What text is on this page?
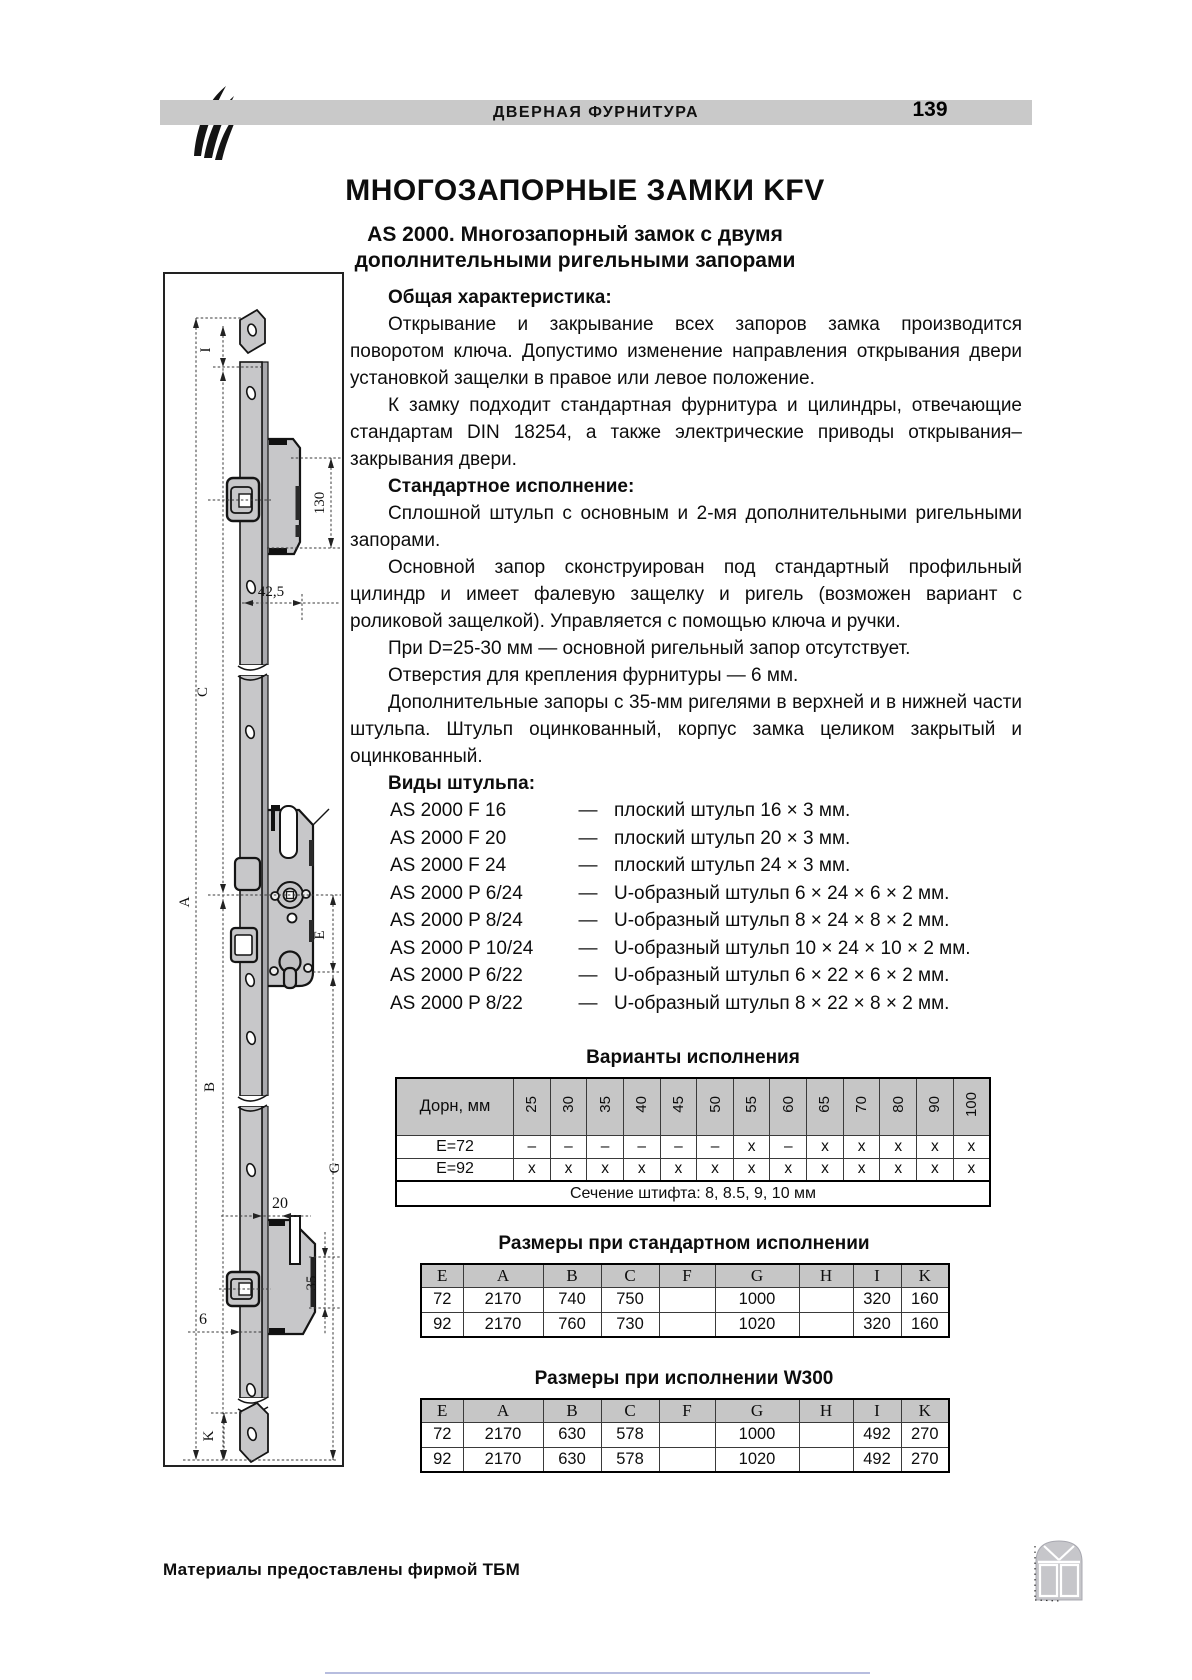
ДВЕРНАЯ ФУРНИТУРА	139
МНОГОЗАПОРНЫЕ ЗАМКИ KFV
AS 2000. Многозапорный замок с двумя
дополнительными ригельными запорами
A
I
C
B
130
42,5
E
G
20
35
6
K

Общая характеристика:

Открывание и закрывание всех запоров замка производится поворотом ключа. Допустимо изменение направления открывания двери установкой защелки в правое или левое положение.

К замку подходит стандартная фурнитура и цилиндры, отвечающие стандартам DIN 18254, а также электрические приводы открывания–закрывания двери.

Стандартное исполнение:

Сплошной штульп с основным и 2-мя дополнительными ригельными запорами.

Основной запор сконструирован под стандартный профильный цилиндр и имеет фалевую защелку и ригель (возможен вариант с роликовой защелкой). Управляется с помощью ключа и ручки.

При D=25-30 мм — основной ригельный запор отсутствует.

Отверстия для крепления фурнитуры — 6 мм.

Дополнительные запоры с 35-мм ригелями в верхней и в нижней части штульпа. Штульп оцинкованный, корпус замка целиком закрытый и оцинкованный.

Виды штульпа:

AS 2000 F 16	— плоский штульп 16 × 3 мм.
AS 2000 F 20	— плоский штульп 20 × 3 мм.
AS 2000 F 24	— плоский штульп 24 × 3 мм.
AS 2000 P 6/24	— U-образный штульп 6 × 24 × 6 × 2 мм.
AS 2000 P 8/24	— U-образный штульп 8 × 24 × 8 × 2 мм.
AS 2000 P 10/24	— U-образный штульп 10 × 24 × 10 × 2 мм.
AS 2000 P 6/22	— U-образный штульп 6 × 22 × 6 × 2 мм.
AS 2000 P 8/22	— U-образный штульп 8 × 22 × 8 × 2 мм.
Варианты исполнения
Дорн, мм	25	30	35	40	45	50	55	60	65	70	80	90	100
E=72	–	–	–	–	–	–	x	–	x	x	x	x	x
E=92	x	x	x	x	x	x	x	x	x	x	x	x	x
Сечение штифта: 8, 8.5, 9, 10 мм													
Размеры при стандартном исполнении
E	A	B	C	F	G	H	I	K
72	2170	740	750		1000		320	160
92	2170	760	730		1020		320	160
Размеры при исполнении W300
E	A	B	C	F	G	H	I	K
72	2170	630	578		1000		492	270
92	2170	630	578		1020		492	270
Материалы предоставлены фирмой ТБМ
